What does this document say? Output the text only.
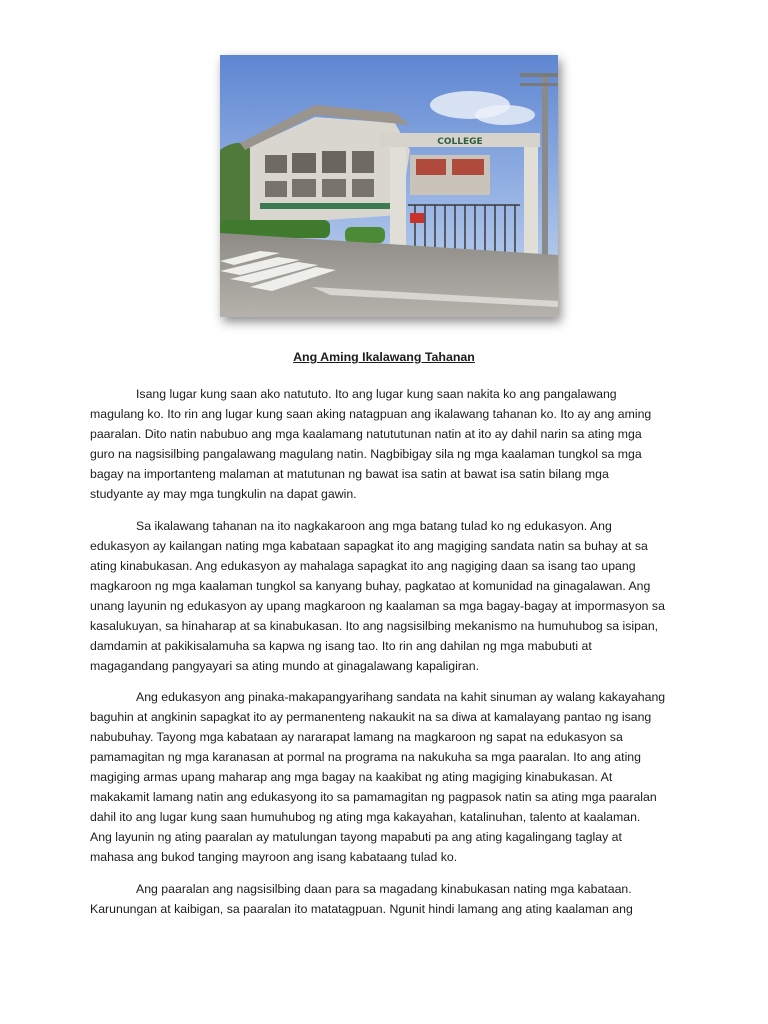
COLLEGE
Ang Aming Ikalawang Tahanan

Isang lugar kung saan ako natututo. Ito ang lugar kung saan nakita ko ang pangalawang
magulang ko. Ito rin ang lugar kung saan aking natagpuan ang ikalawang tahanan ko. Ito ay ang aming
paaralan. Dito natin nabubuo ang mga kaalamang natututunan natin at ito ay dahil narin sa ating mga
guro na nagsisilbing pangalawang magulang natin. Nagbibigay sila ng mga kaalaman tungkol sa mga
bagay na importanteng malaman at matutunan ng bawat isa satin at bawat isa satin bilang mga
studyante ay may mga tungkulin na dapat gawin.

Sa ikalawang tahanan na ito nagkakaroon ang mga batang tulad ko ng edukasyon. Ang
edukasyon ay kailangan nating mga kabataan sapagkat ito ang magiging sandata natin sa buhay at sa
ating kinabukasan. Ang edukasyon ay mahalaga sapagkat ito ang nagiging daan sa isang tao upang
magkaroon ng mga kaalaman tungkol sa kanyang buhay, pagkatao at komunidad na ginagalawan. Ang
unang layunin ng edukasyon ay upang magkaroon ng kaalaman sa mga bagay-bagay at impormasyon sa
kasalukuyan, sa hinaharap at sa kinabukasan. Ito ang nagsisilbing mekanismo na humuhubog sa isipan,
damdamin at pakikisalamuha sa kapwa ng isang tao. Ito rin ang dahilan ng mga mabubuti at
magagandang pangyayari sa ating mundo at ginagalawang kapaligiran.

Ang edukasyon ang pinaka-makapangyarihang sandata na kahit sinuman ay walang kakayahang
baguhin at angkinin sapagkat ito ay permanenteng nakaukit na sa diwa at kamalayang pantao ng isang
nabubuhay. Tayong mga kabataan ay nararapat lamang na magkaroon ng sapat na edukasyon sa
pamamagitan ng mga karanasan at pormal na programa na nakukuha sa mga paaralan. Ito ang ating
magiging armas upang maharap ang mga bagay na kaakibat ng ating magiging kinabukasan. At
makakamit lamang natin ang edukasyong ito sa pamamagitan ng pagpasok natin sa ating mga paaralan
dahil ito ang lugar kung saan humuhubog ng ating mga kakayahan, katalinuhan, talento at kaalaman.
Ang layunin ng ating paaralan ay matulungan tayong mapabuti pa ang ating kagalingang taglay at
mahasa ang bukod tanging mayroon ang isang kabataang tulad ko.

Ang paaralan ang nagsisilbing daan para sa magadang kinabukasan nating mga kabataan.
Karunungan at kaibigan, sa paaralan ito matatagpuan. Ngunit hindi lamang ang ating kaalaman ang
